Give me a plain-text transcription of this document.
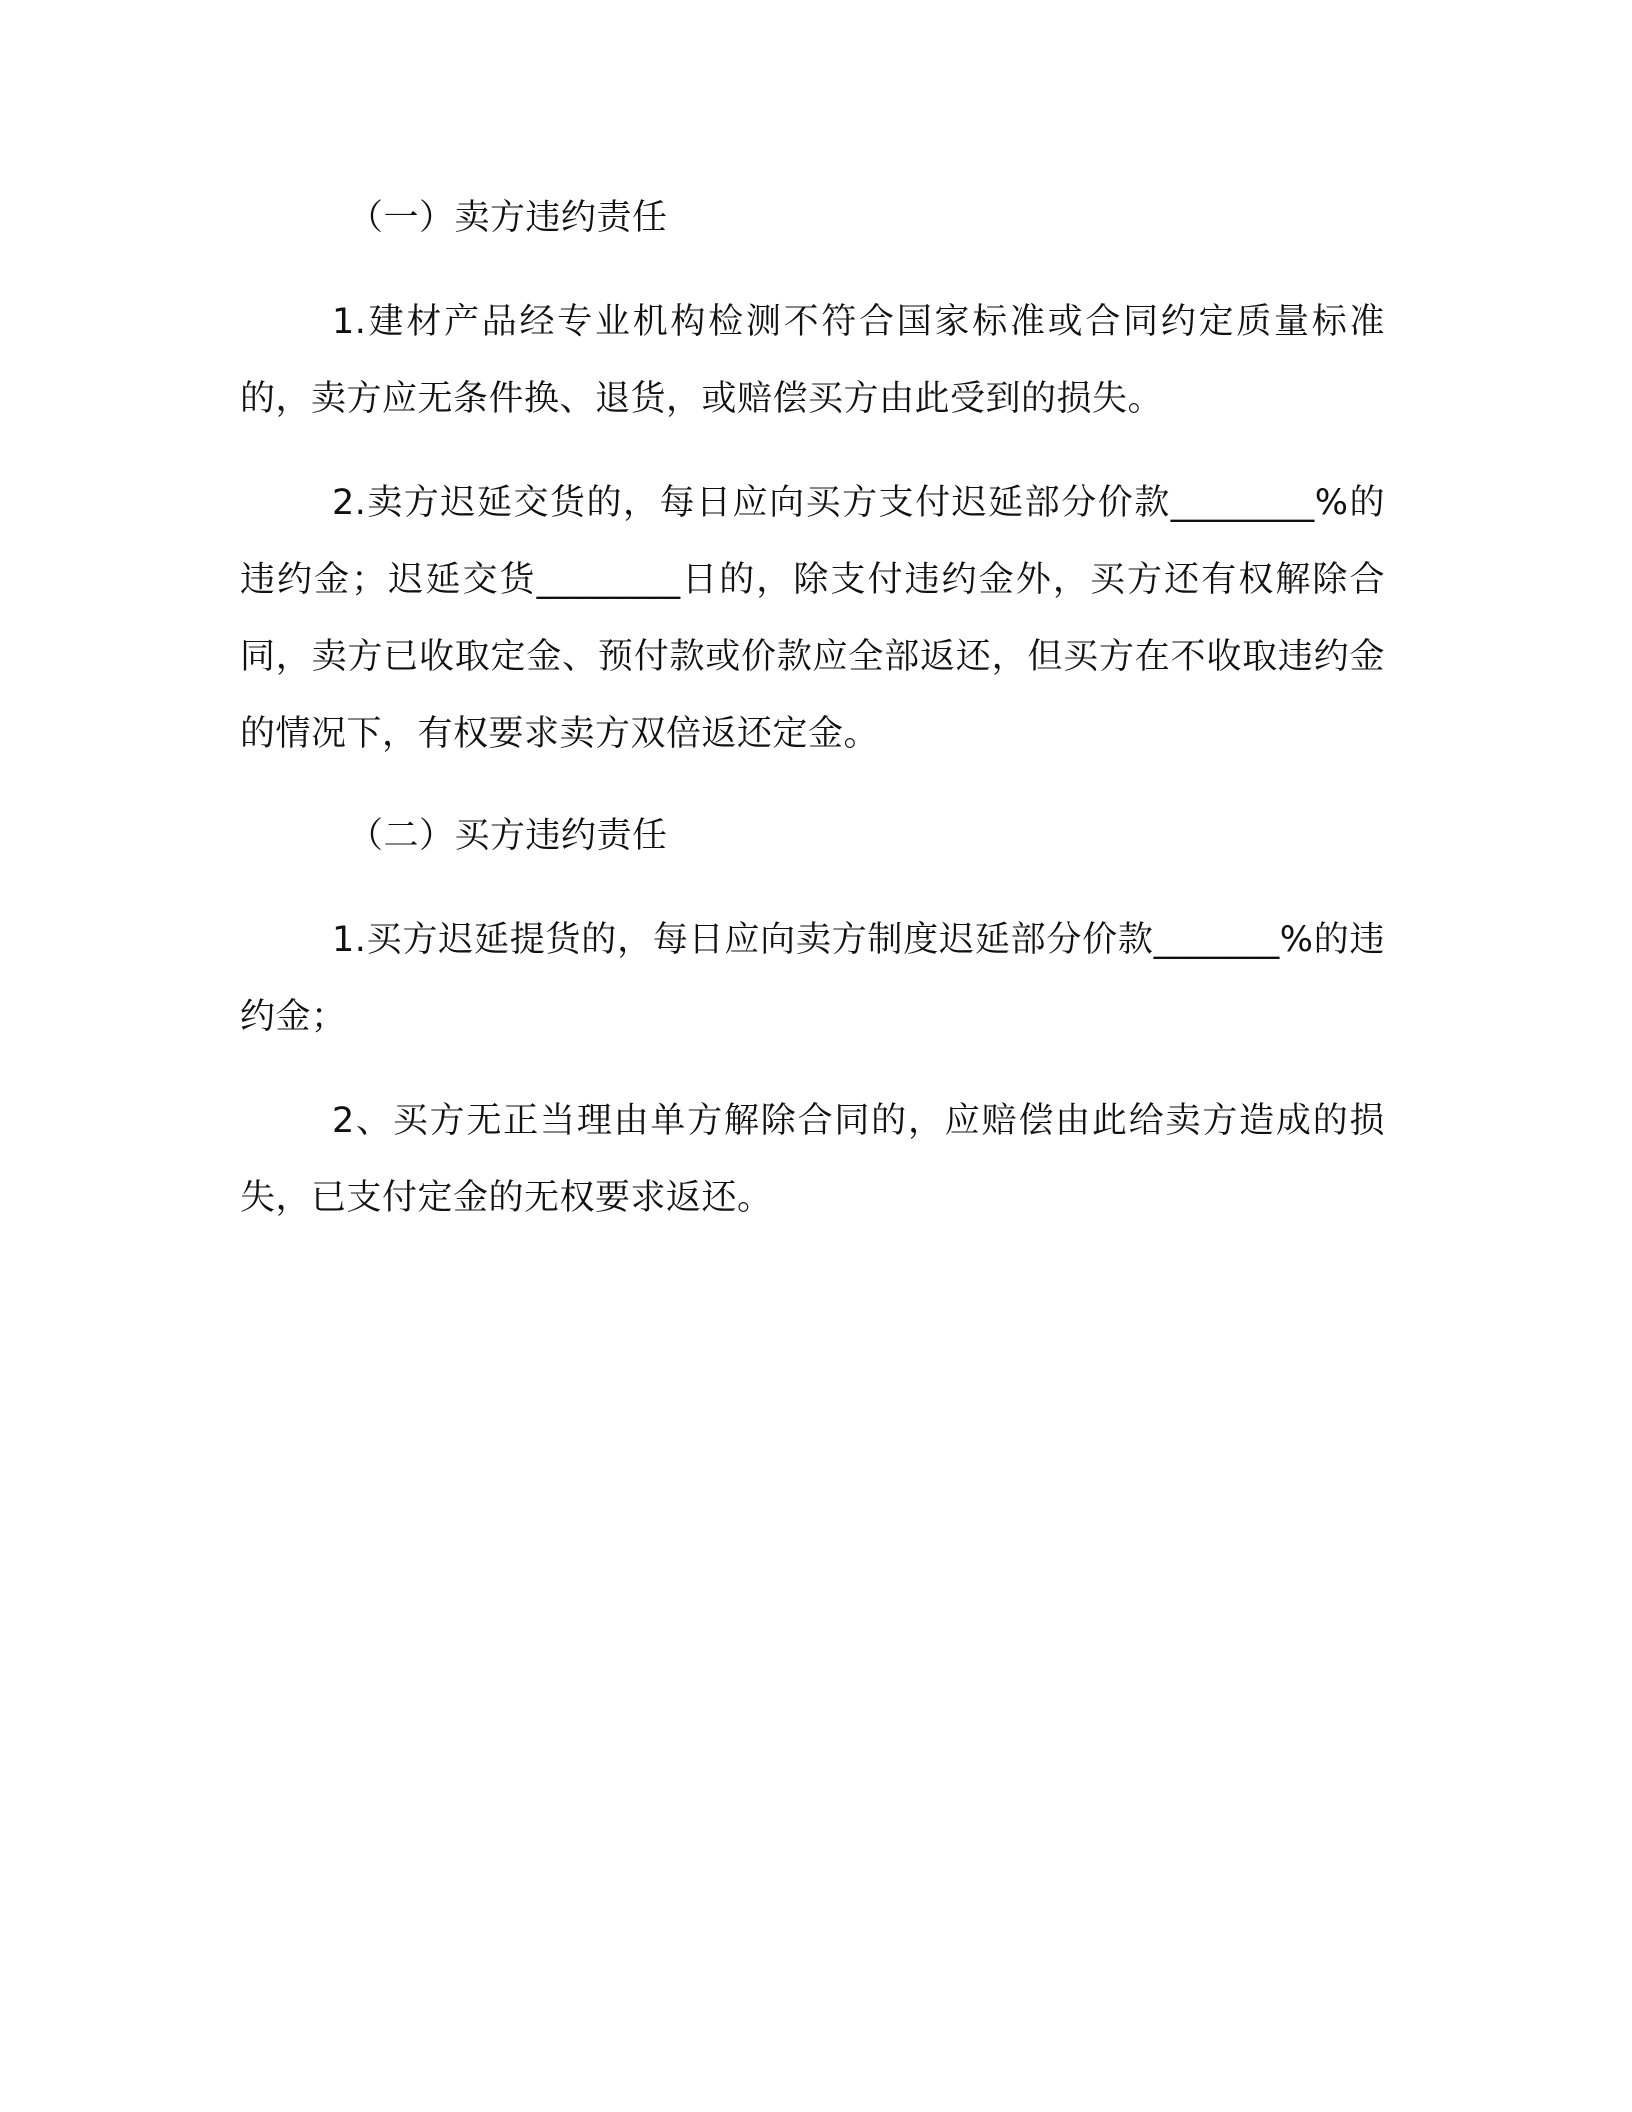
（一）卖方违约责任

1.建材产品经专业机构检测不符合国家标准或合同约定质量标准的，卖方应无条件换、退货，或赔偿买方由此受到的损失。

2.卖方迟延交货的，每日应向买方支付迟延部分价款________%的违约金；迟延交货________日的，除支付违约金外，买方还有权解除合同，卖方已收取定金、预付款或价款应全部返还，但买方在不收取违约金的情况下，有权要求卖方双倍返还定金。

（二）买方违约责任

1.买方迟延提货的，每日应向卖方制度迟延部分价款_______%的违约金；

2、买方无正当理由单方解除合同的，应赔偿由此给卖方造成的损失，已支付定金的无权要求返还。
